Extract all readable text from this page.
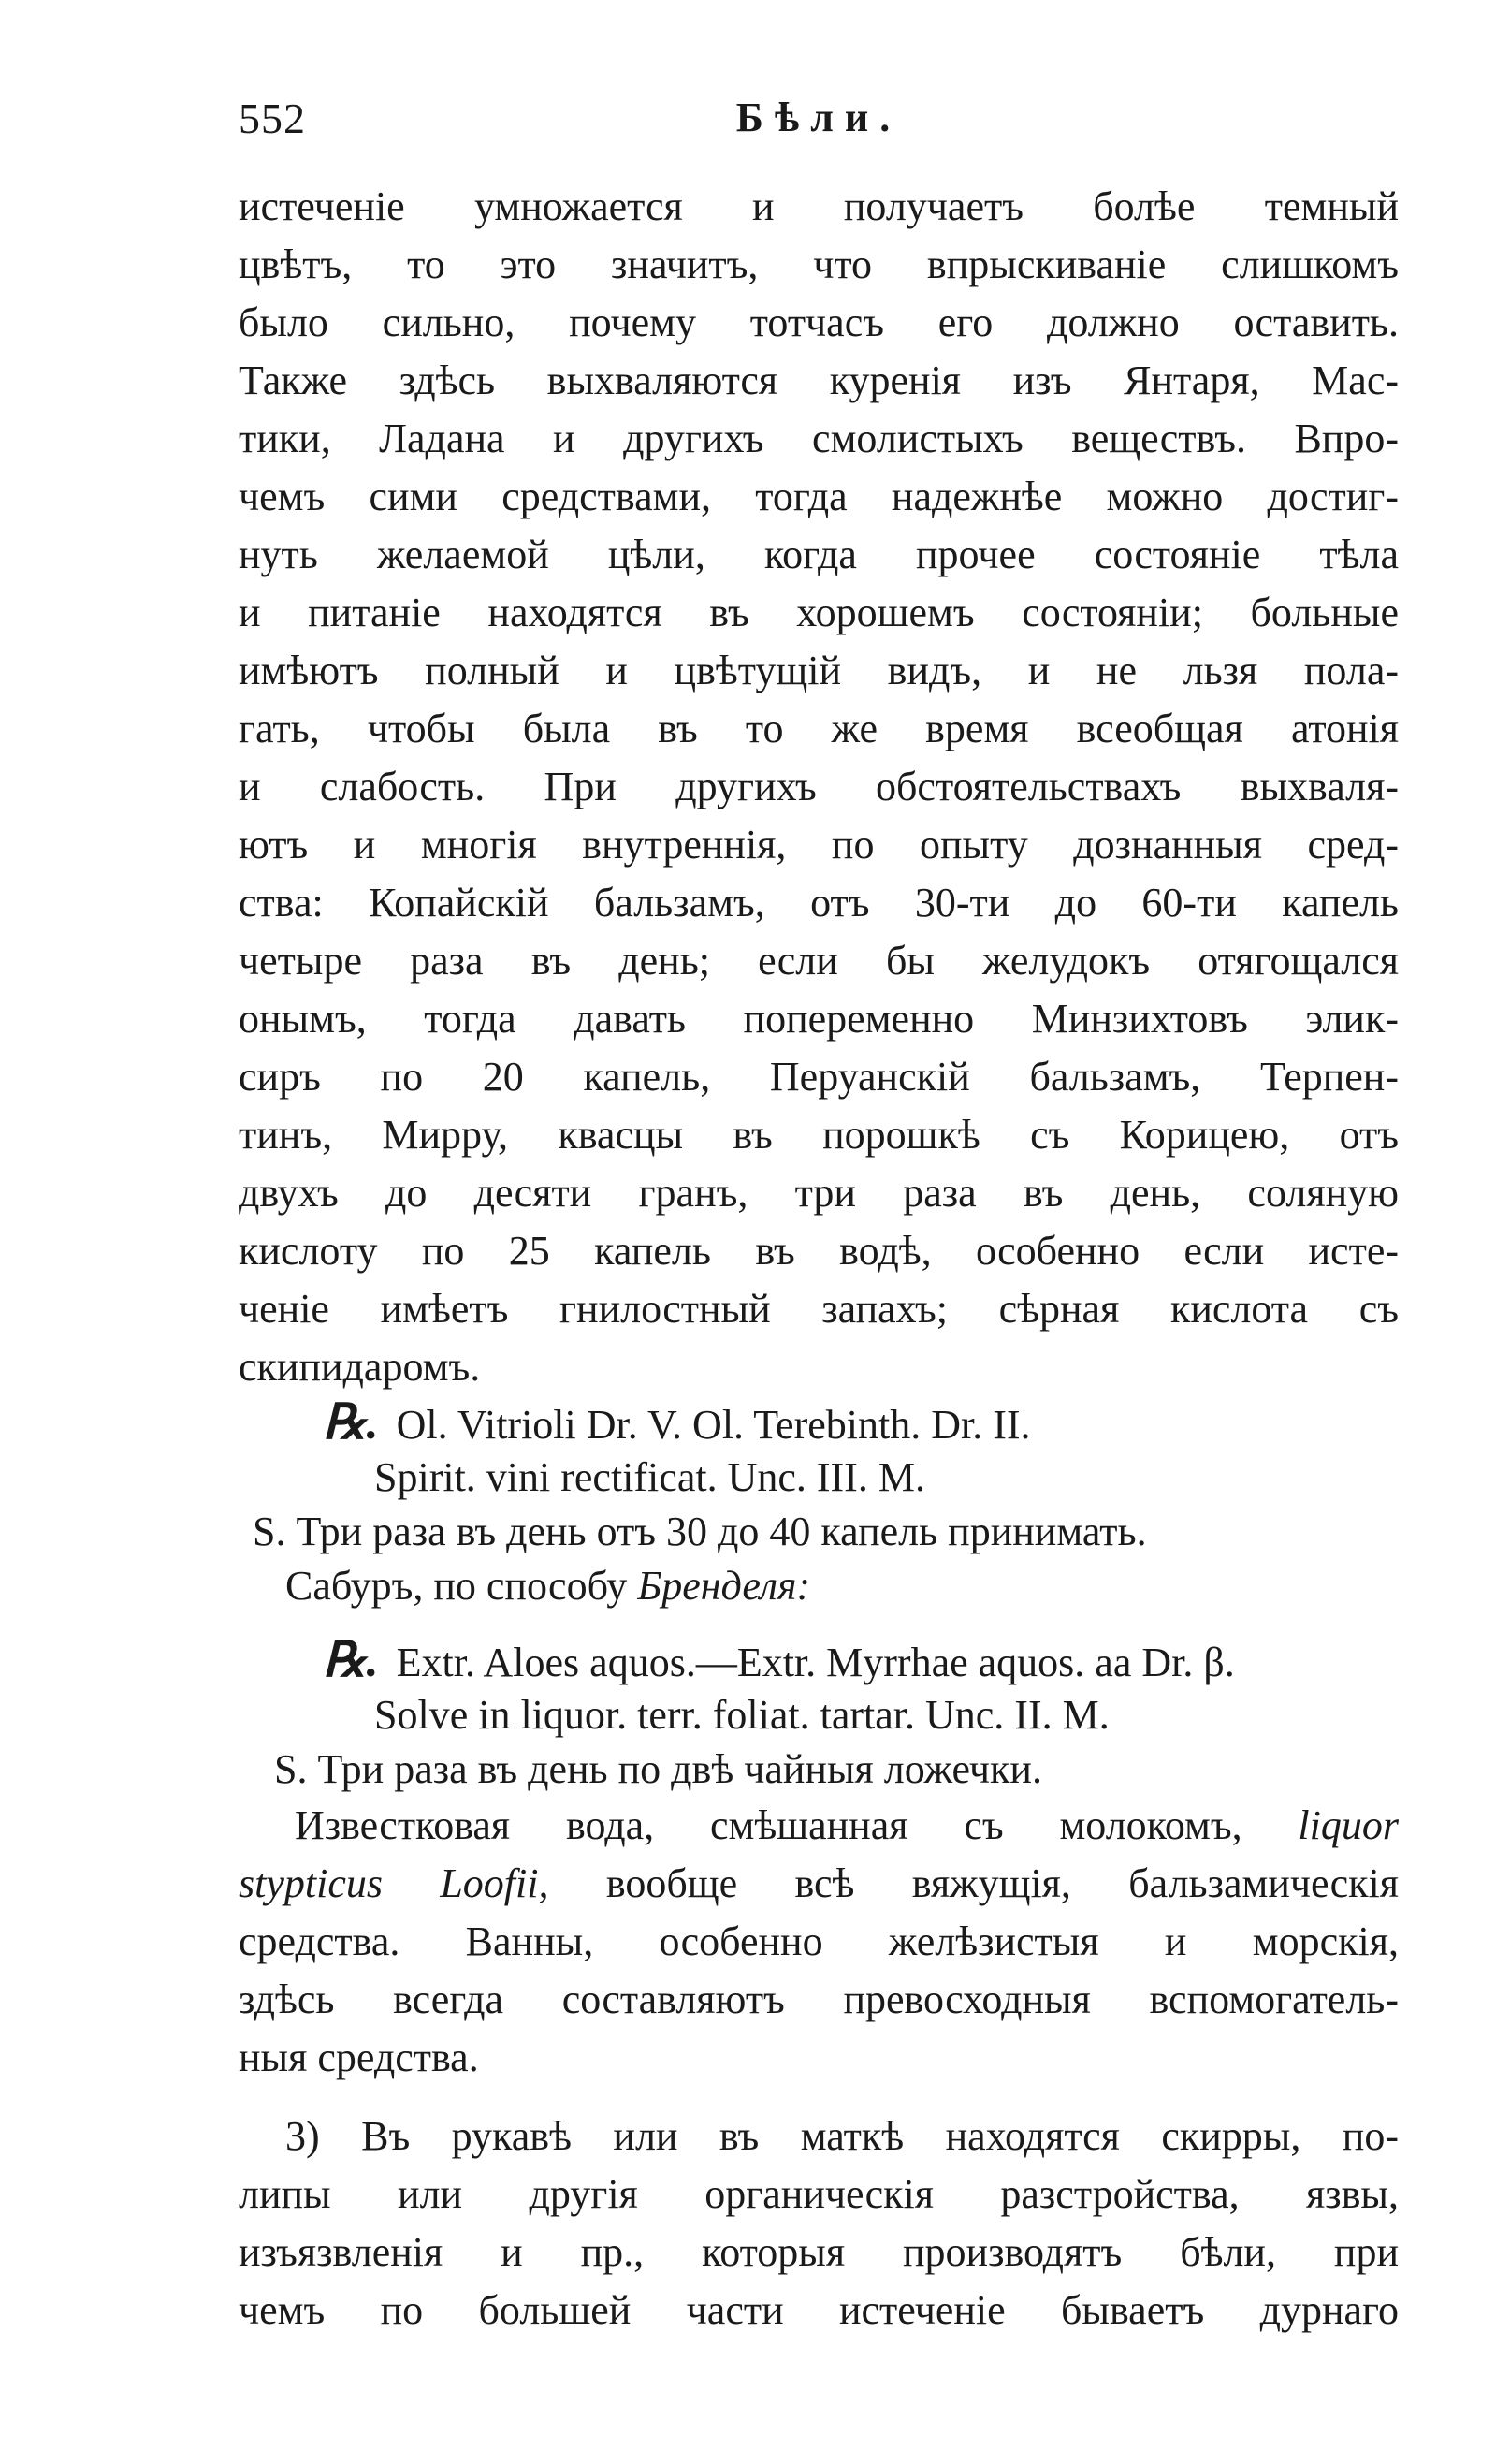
552	Бѣли.
истеченіе умножается и получаетъ болѣе темный
цвѣтъ, то это значитъ, что впрыскиваніе слишкомъ
было сильно, почему тотчасъ его должно оставить.
Также здѣсь выхваляются куренія изъ Янтаря, Мас-
тики, Ладана и другихъ смолистыхъ веществъ. Впро-
чемъ сими средствами, тогда надежнѣе можно достиг-
нуть желаемой цѣли, когда прочее состояніе тѣла
и питаніе находятся въ хорошемъ состояніи; больные
имѣютъ полный и цвѣтущій видъ, и не льзя пола-
гать, чтобы была въ то же время всеобщая атонія
и слабость. При другихъ обстоятельствахъ выхваля-
ютъ и многія внутреннія, по опыту дознанныя сред-
ства: Копайскій бальзамъ, отъ 30-ти до 60-ти капель
четыре раза въ день; если бы желудокъ отягощался
онымъ, тогда давать попеременно Минзихтовъ элик-
сиръ по 20 капель, Перуанскій бальзамъ, Терпен-
тинъ, Мирру, квасцы въ порошкѣ съ Корицею, отъ
двухъ до десяти гранъ, три раза въ день, соляную
кислоту по 25 капель въ водѣ, особенно если исте-
ченіе имѣетъ гнилостный запахъ; сѣрная кислота съ
скипидаромъ.
℞. Ol. Vitrioli Dr. V. Ol. Terebinth. Dr. II.
Spirit. vini rectificat. Unc. III. M.
S. Три раза въ день отъ 30 до 40 капель принимать.
Сабуръ, по способу Бренделя:
℞. Extr. Aloes aquos.—Extr. Myrrhae aquos. aa Dr. β.
Solve in liquor. terr. foliat. tartar. Unc. II. M.
S. Три раза въ день по двѣ чайныя ложечки.
Известковая вода, смѣшанная съ молокомъ, liquor
stypticus Loofii, вообще всѣ вяжущія, бальзамическія
средства. Ванны, особенно желѣзистыя и морскія,
здѣсь всегда составляютъ превосходныя вспомогатель-
ныя средства.
3) Въ рукавѣ или въ маткѣ находятся скирры, по-
липы или другія органическія разстройства, язвы,
изъязвленія и пр., которыя производятъ бѣли, при
чемъ по большей части истеченіе бываетъ дурнаго
